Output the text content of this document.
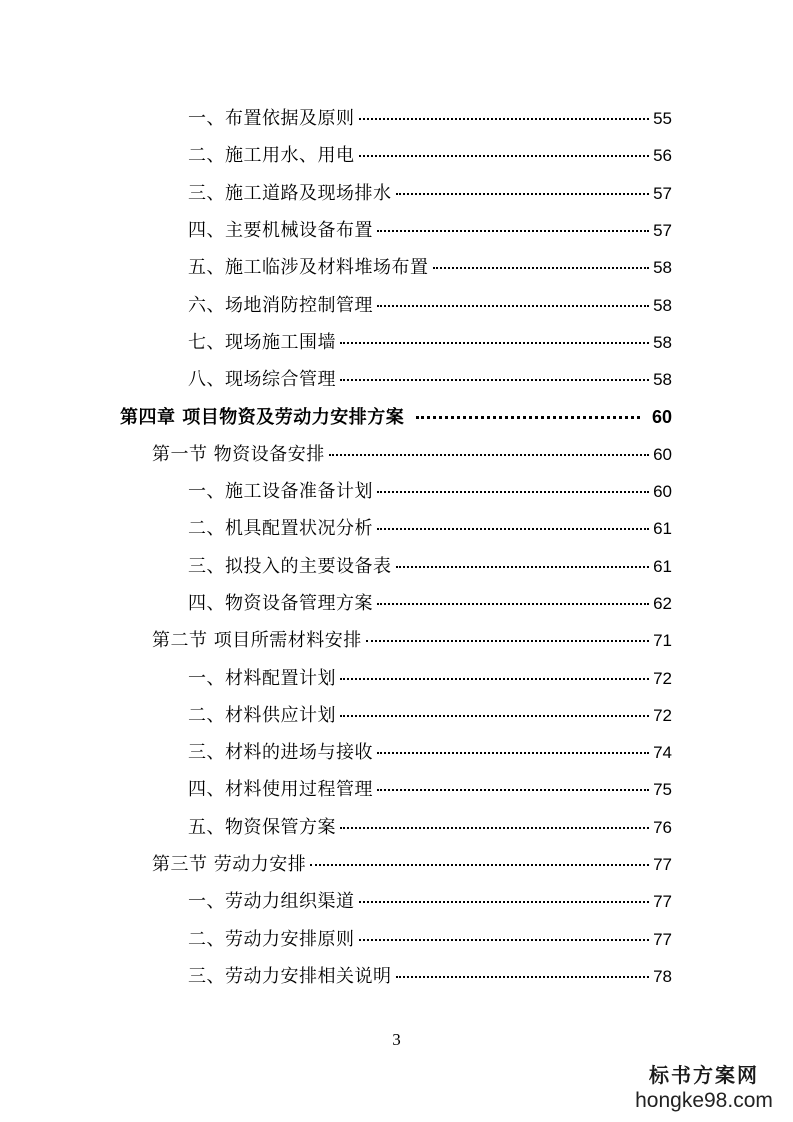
一、布置依据及原则	55
二、施工用水、用电	56
三、施工道路及现场排水	57
四、主要机械设备布置	57
五、施工临涉及材料堆场布置	58
六、场地消防控制管理	58
七、现场施工围墙	58
八、现场综合管理	58
第四章 项目物资及劳动力安排方案	60
第一节 物资设备安排	60
一、施工设备准备计划	60
二、机具配置状况分析	61
三、拟投入的主要设备表	61
四、物资设备管理方案	62
第二节 项目所需材料安排	71
一、材料配置计划	72
二、材料供应计划	72
三、材料的进场与接收	74
四、材料使用过程管理	75
五、物资保管方案	76
第三节 劳动力安排	77
一、劳动力组织渠道	77
二、劳动力安排原则	77
三、劳动力安排相关说明	78
3
标书方案网
hongke98.com
